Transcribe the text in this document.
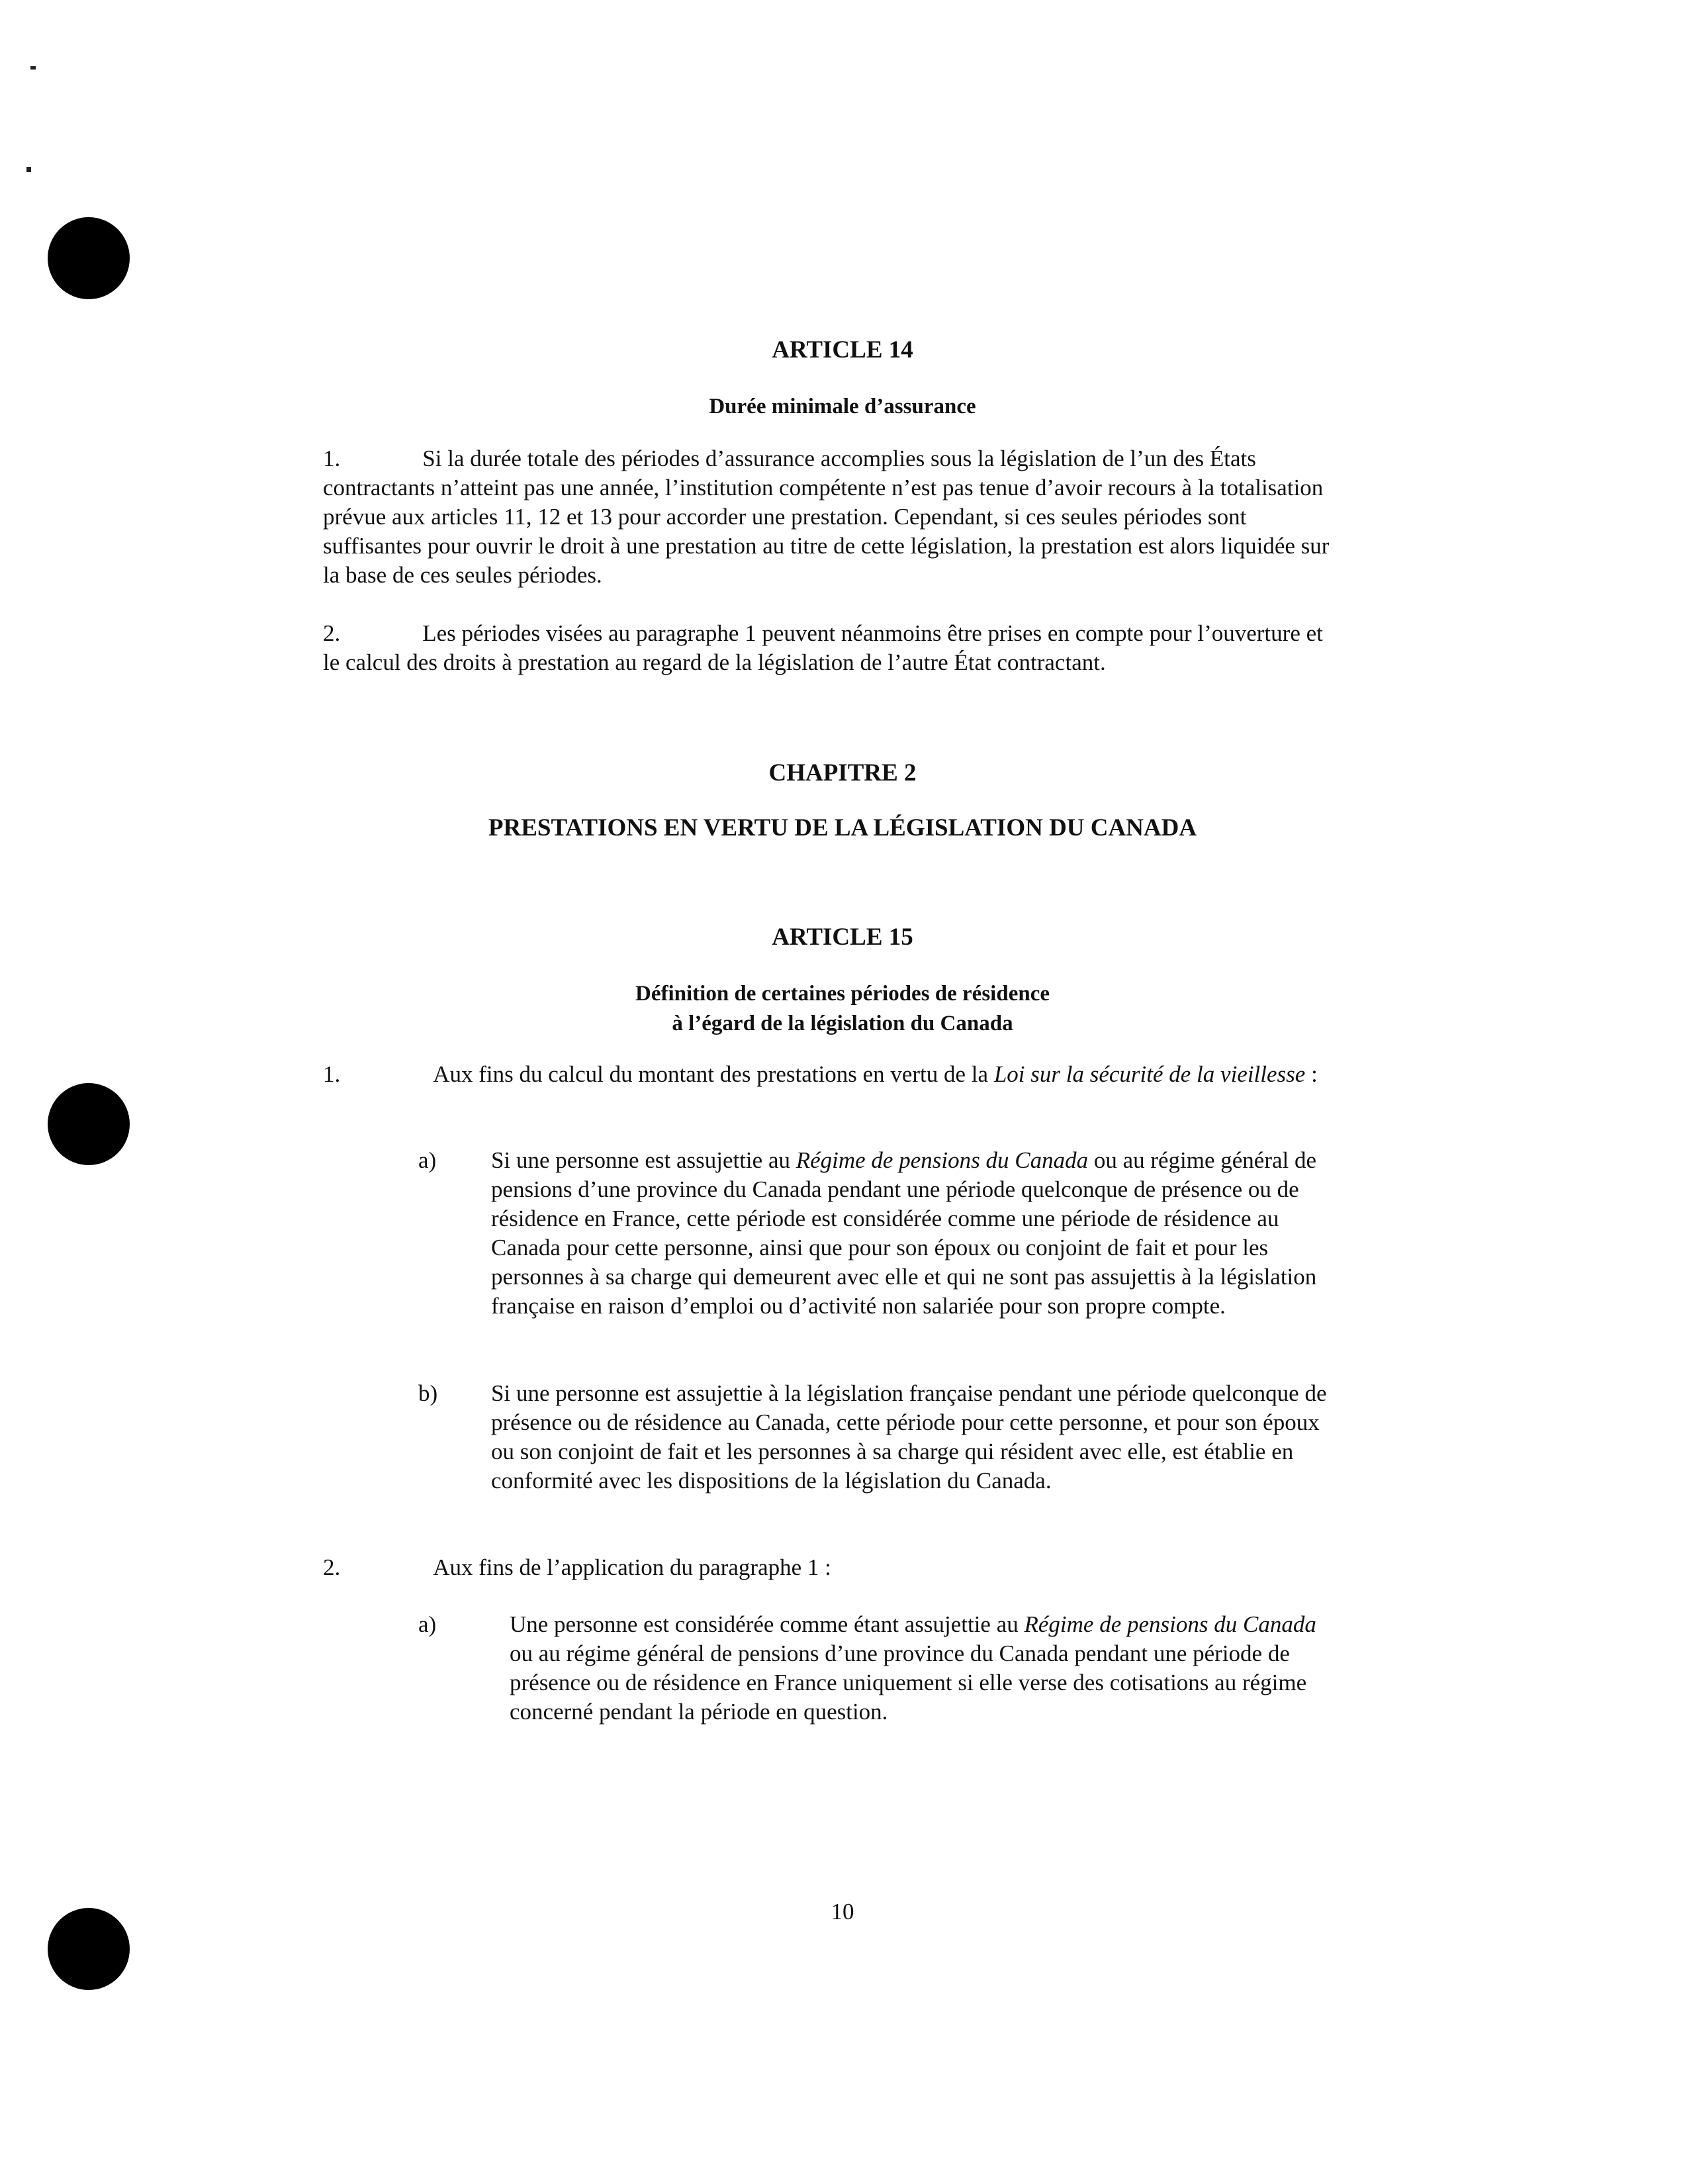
ARTICLE 14
Durée minimale d’assurance

1.	Si la durée totale des périodes d’assurance accomplies sous la législation de l’un des États contractants n’atteint pas une année, l’institution compétente n’est pas tenue d’avoir recours à la totalisation prévue aux articles 11, 12 et 13 pour accorder une prestation. Cependant, si ces seules périodes sont suffisantes pour ouvrir le droit à une prestation au titre de cette législation, la prestation est alors liquidée sur la base de ces seules périodes.

2.	Les périodes visées au paragraphe 1 peuvent néanmoins être prises en compte pour l’ouverture et le calcul des droits à prestation au regard de la législation de l’autre État contractant.

CHAPITRE 2
PRESTATIONS EN VERTU DE LA LÉGISLATION DU CANADA
ARTICLE 15
Définition de certaines périodes de résidence
à l’égard de la législation du Canada

1.	Aux fins du calcul du montant des prestations en vertu de la Loi sur la sécurité de la vieillesse :

a) Si une personne est assujettie au Régime de pensions du Canada ou au régime général de pensions d’une province du Canada pendant une période quelconque de présence ou de résidence en France, cette période est considérée comme une période de résidence au Canada pour cette personne, ainsi que pour son époux ou conjoint de fait et pour les personnes à sa charge qui demeurent avec elle et qui ne sont pas assujettis à la législation française en raison d’emploi ou d’activité non salariée pour son propre compte.

b) Si une personne est assujettie à la législation française pendant une période quelconque de présence ou de résidence au Canada, cette période pour cette personne, et pour son époux ou son conjoint de fait et les personnes à sa charge qui résident avec elle, est établie en conformité avec les dispositions de la législation du Canada.

2.	Aux fins de l’application du paragraphe 1 :

a)	Une personne est considérée comme étant assujettie au Régime de pensions du Canada ou au régime général de pensions d’une province du Canada pendant une période de présence ou de résidence en France uniquement si elle verse des cotisations au régime concerné pendant la période en question.

10
